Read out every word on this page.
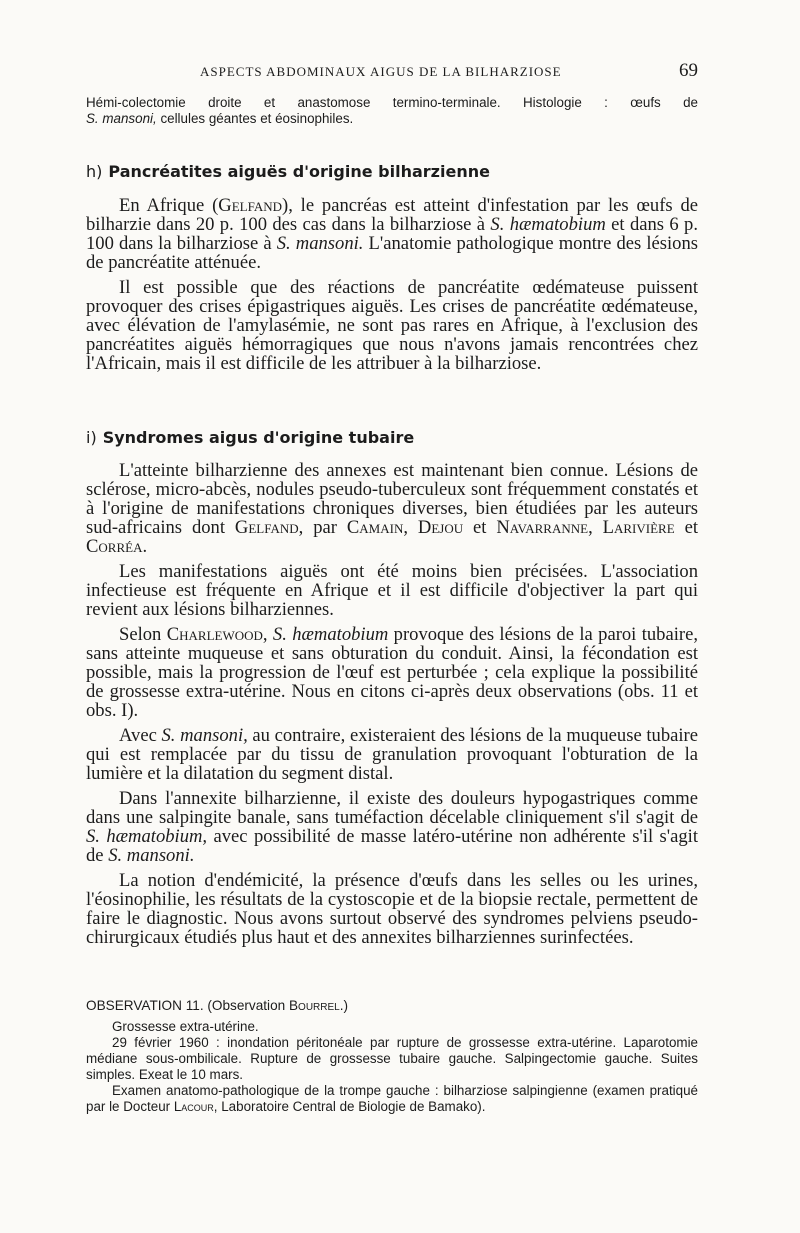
ASPECTS ABDOMINAUX AIGUS DE LA BILHARZIOSE	69
Hémi-colectomie droite et anastomose termino-terminale. Histologie : œufs de
S. mansoni, cellules géantes et éosinophiles.
h) Pancréatites aiguës d'origine bilharzienne

En Afrique (Gelfand), le pancréas est atteint d'infestation par les œufs de bilharzie dans 20 p. 100 des cas dans la bilharziose à S. hæmatobium et dans 6 p. 100 dans la bilharziose à S. mansoni. L'anatomie pathologique montre des lésions de pancréatite atténuée.

Il est possible que des réactions de pancréatite œdémateuse puissent provoquer des crises épigastriques aiguës. Les crises de pancréatite œdémateuse, avec élévation de l'amylasémie, ne sont pas rares en Afrique, à l'exclusion des pancréatites aiguës hémorragiques que nous n'avons jamais rencontrées chez l'Africain, mais il est difficile de les attribuer à la bilharziose.

i) Syndromes aigus d'origine tubaire

L'atteinte bilharzienne des annexes est maintenant bien connue. Lésions de sclérose, micro-abcès, nodules pseudo-tuberculeux sont fréquemment constatés et à l'origine de manifestations chroniques diverses, bien étudiées par les auteurs sud-africains dont Gelfand, par Camain, Dejou et Navarranne, Larivière et Corréa.

Les manifestations aiguës ont été moins bien précisées. L'association infectieuse est fréquente en Afrique et il est difficile d'objectiver la part qui revient aux lésions bilharziennes.

Selon Charlewood, S. hæmatobium provoque des lésions de la paroi tubaire, sans atteinte muqueuse et sans obturation du conduit. Ainsi, la fécondation est possible, mais la progression de l'œuf est perturbée ; cela explique la possibilité de grossesse extra-utérine. Nous en citons ci-après deux observations (obs. 11 et obs. I).

Avec S. mansoni, au contraire, existeraient des lésions de la muqueuse tubaire qui est remplacée par du tissu de granulation provoquant l'obturation de la lumière et la dilatation du segment distal.

Dans l'annexite bilharzienne, il existe des douleurs hypogastriques comme dans une salpingite banale, sans tuméfaction décelable cliniquement s'il s'agit de S. hæmatobium, avec possibilité de masse latéro-utérine non adhérente s'il s'agit de S. mansoni.

La notion d'endémicité, la présence d'œufs dans les selles ou les urines, l'éosinophilie, les résultats de la cystoscopie et de la biopsie rectale, permettent de faire le diagnostic. Nous avons surtout observé des syndromes pelviens pseudo-chirurgicaux étudiés plus haut et des annexites bilharziennes surinfectées.

OBSERVATION 11. (Observation Bourrel.)

Grossesse extra-utérine.

29 février 1960 : inondation péritonéale par rupture de grossesse extra-utérine. Laparotomie médiane sous-ombilicale. Rupture de grossesse tubaire gauche. Salpingectomie gauche. Suites simples. Exeat le 10 mars.

Examen anatomo-pathologique de la trompe gauche : bilharziose salpingienne (examen pratiqué par le Docteur Lacour, Laboratoire Central de Biologie de Bamako).
